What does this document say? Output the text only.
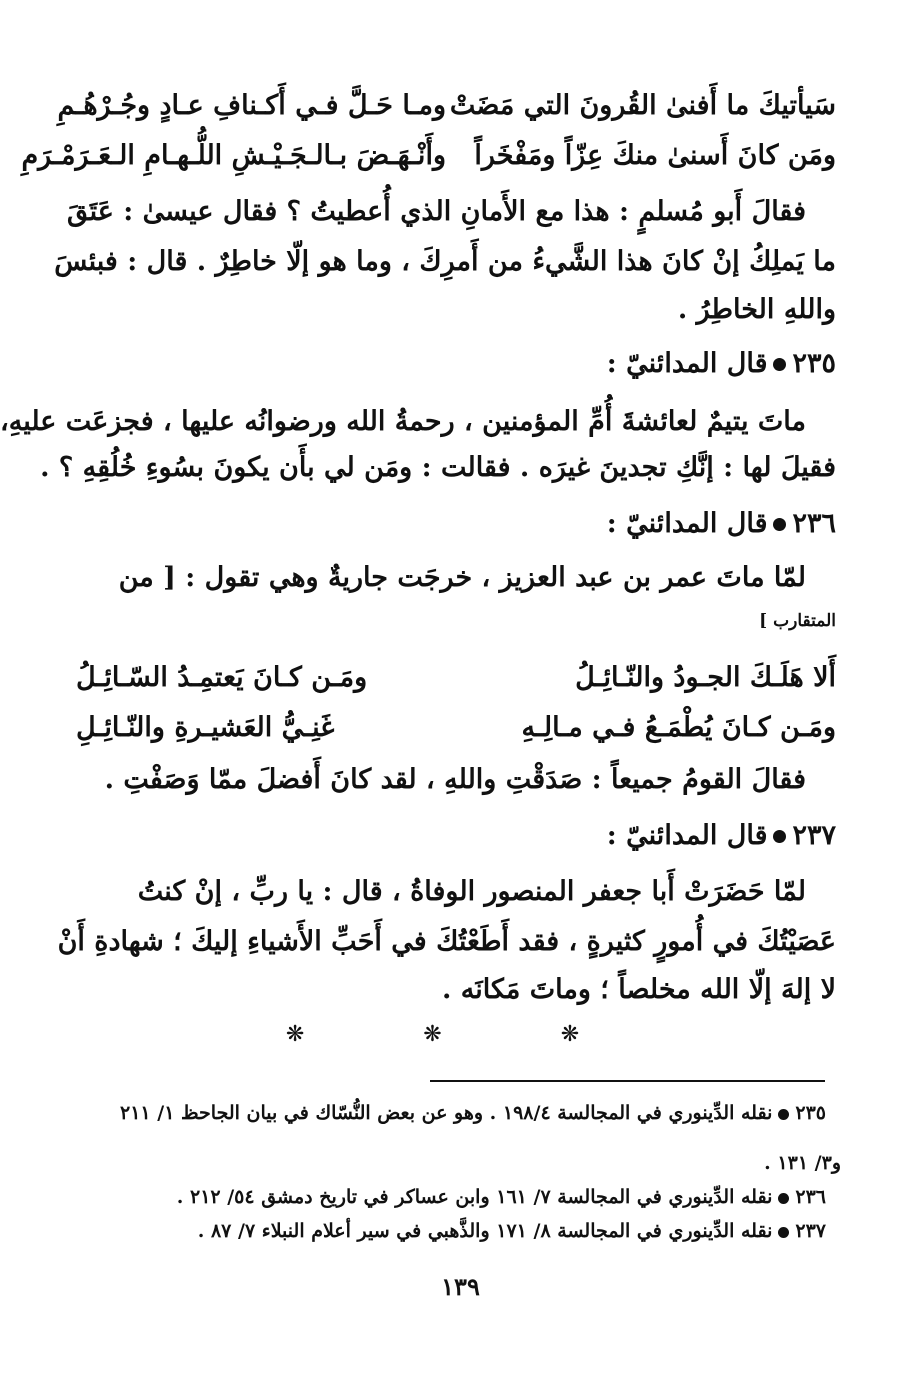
سَيأتيكَ ما أَفنىٰ القُرونَ التي مَضَتْ
ومـا حَـلَّ فـي أَكـنافِ عـادٍ وجُـرْهُـمِ
ومَن كانَ أَسنىٰ منكَ عِزّاً ومَفْخَراً
وأَنْـهَـضَ بـالـجَـيْـشِ اللُّـهـامِ الـعَـرَمْـرَمِ
فقالَ أَبو مُسلمٍ : هذا مع الأَمانِ الذي أُعطيتُ ؟ فقال عيسىٰ : عَتَقَ
ما يَملِكُ إنْ كانَ هذا الشَّيءُ من أَمرِكَ ، وما هو إلّا خاطِرٌ . قال : فبئسَ
واللهِ الخاطِرُ .
٢٣٥قال المدائنيّ :
ماتَ يتيمٌ لعائشةَ أُمِّ المؤمنين ، رحمةُ الله ورضوانُه عليها ، فجزعَت عليهِ،
فقيلَ لها : إنَّكِ تجدينَ غيرَه . فقالت : ومَن لي بأَن يكونَ بسُوءِ خُلُقِهِ ؟ .
٢٣٦قال المدائنيّ :
لمّا ماتَ عمر بن عبد العزيز ، خرجَت جاريةٌ وهي تقول : [ من
المتقارب ]
أَلا هَلَـكَ الجـودُ والنّـائِـلُ
ومَـن كـانَ يَعتمِـدُ السّـائِـلُ
ومَـن كـانَ يُطْمَـعُ فـي مـالِـهِ
غَنِـيُّ العَشيـرةِ والنّـائِـلِ
فقالَ القومُ جميعاً : صَدَقْتِ واللهِ ، لقد كانَ أَفضلَ ممّا وَصَفْتِ .
٢٣٧قال المدائنيّ :
لمّا حَضَرَتْ أَبا جعفر المنصور الوفاةُ ، قال : يا ربِّ ، إنْ كنتُ
عَصَيْتُكَ في أُمورٍ كثيرةٍ ، فقد أَطَعْتُكَ في أَحَبِّ الأَشياءِ إليكَ ؛ شهادةِ أَنْ
لا إلهَ إلّا الله مخلصاً ؛ وماتَ مَكانَه .
❋ ❋ ❋
٢٣٥نقله الدِّينوري في المجالسة ١٩٨/٤ . وهو عن بعض النُّسّاك في بيان الجاحظ ١/ ٢١١
و٣/ ١٣١ .
٢٣٦نقله الدِّينوري في المجالسة ٧/ ١٦١ وابن عساكر في تاريخ دمشق ٥٤/ ٢١٢ .
٢٣٧نقله الدِّينوري في المجالسة ٨/ ١٧١ والذَّهبي في سير أعلام النبلاء ٧/ ٨٧ .
١٣٩
